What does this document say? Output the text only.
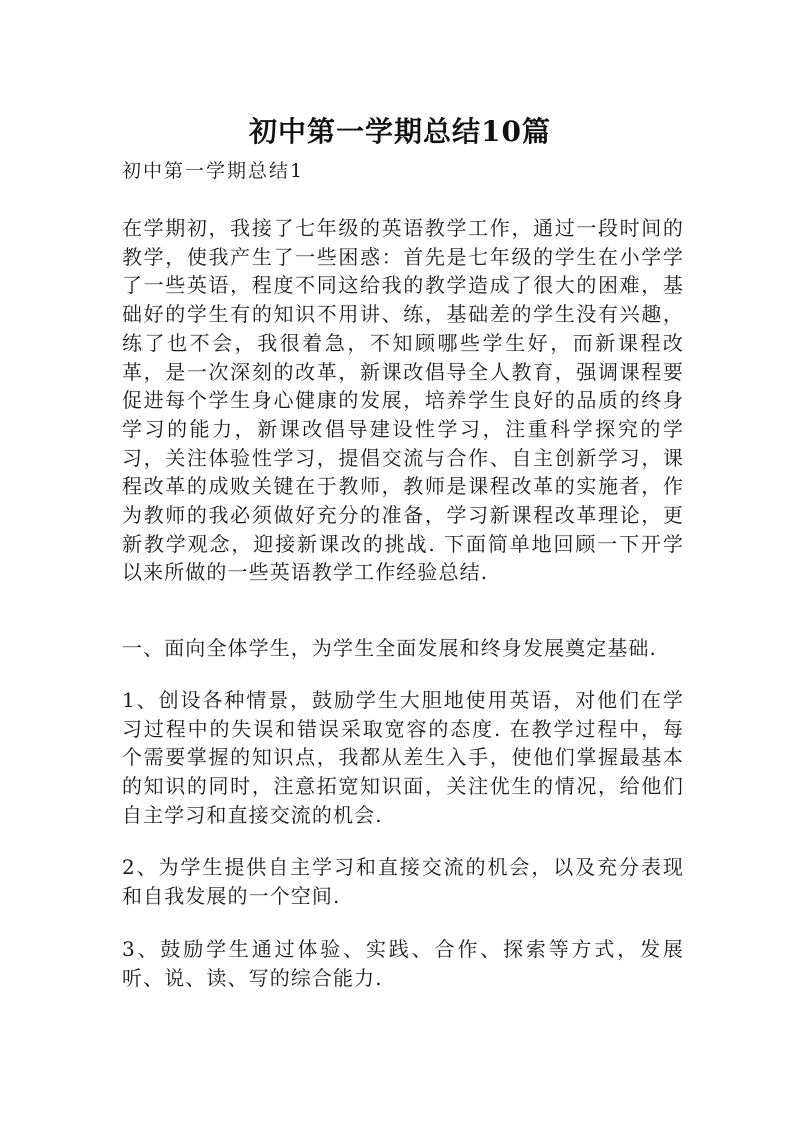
初中第一学期总结10篇

初中第一学期总结1

在学期初，我接了七年级的英语教学工作，通过一段时间的教学，使我产生了一些困惑：首先是七年级的学生在小学学了一些英语，程度不同这给我的教学造成了很大的困难，基础好的学生有的知识不用讲、练，基础差的学生没有兴趣，练了也不会，我很着急，不知顾哪些学生好，而新课程改革，是一次深刻的改革，新课改倡导全人教育，强调课程要促进每个学生身心健康的发展，培养学生良好的品质的终身学习的能力，新课改倡导建设性学习，注重科学探究的学习，关注体验性学习，提倡交流与合作、自主创新学习，课程改革的成败关键在于教师，教师是课程改革的实施者，作为教师的我必须做好充分的准备，学习新课程改革理论，更新教学观念，迎接新课改的挑战. 下面简单地回顾一下开学以来所做的一些英语教学工作经验总结.

一、面向全体学生，为学生全面发展和终身发展奠定基础.

1、创设各种情景，鼓励学生大胆地使用英语，对他们在学习过程中的失误和错误采取宽容的态度. 在教学过程中，每个需要掌握的知识点，我都从差生入手，使他们掌握最基本的知识的同时，注意拓宽知识面，关注优生的情况，给他们自主学习和直接交流的机会.

2、为学生提供自主学习和直接交流的机会，以及充分表现和自我发展的一个空间.

3、鼓励学生通过体验、实践、合作、探索等方式，发展听、说、读、写的综合能力.
